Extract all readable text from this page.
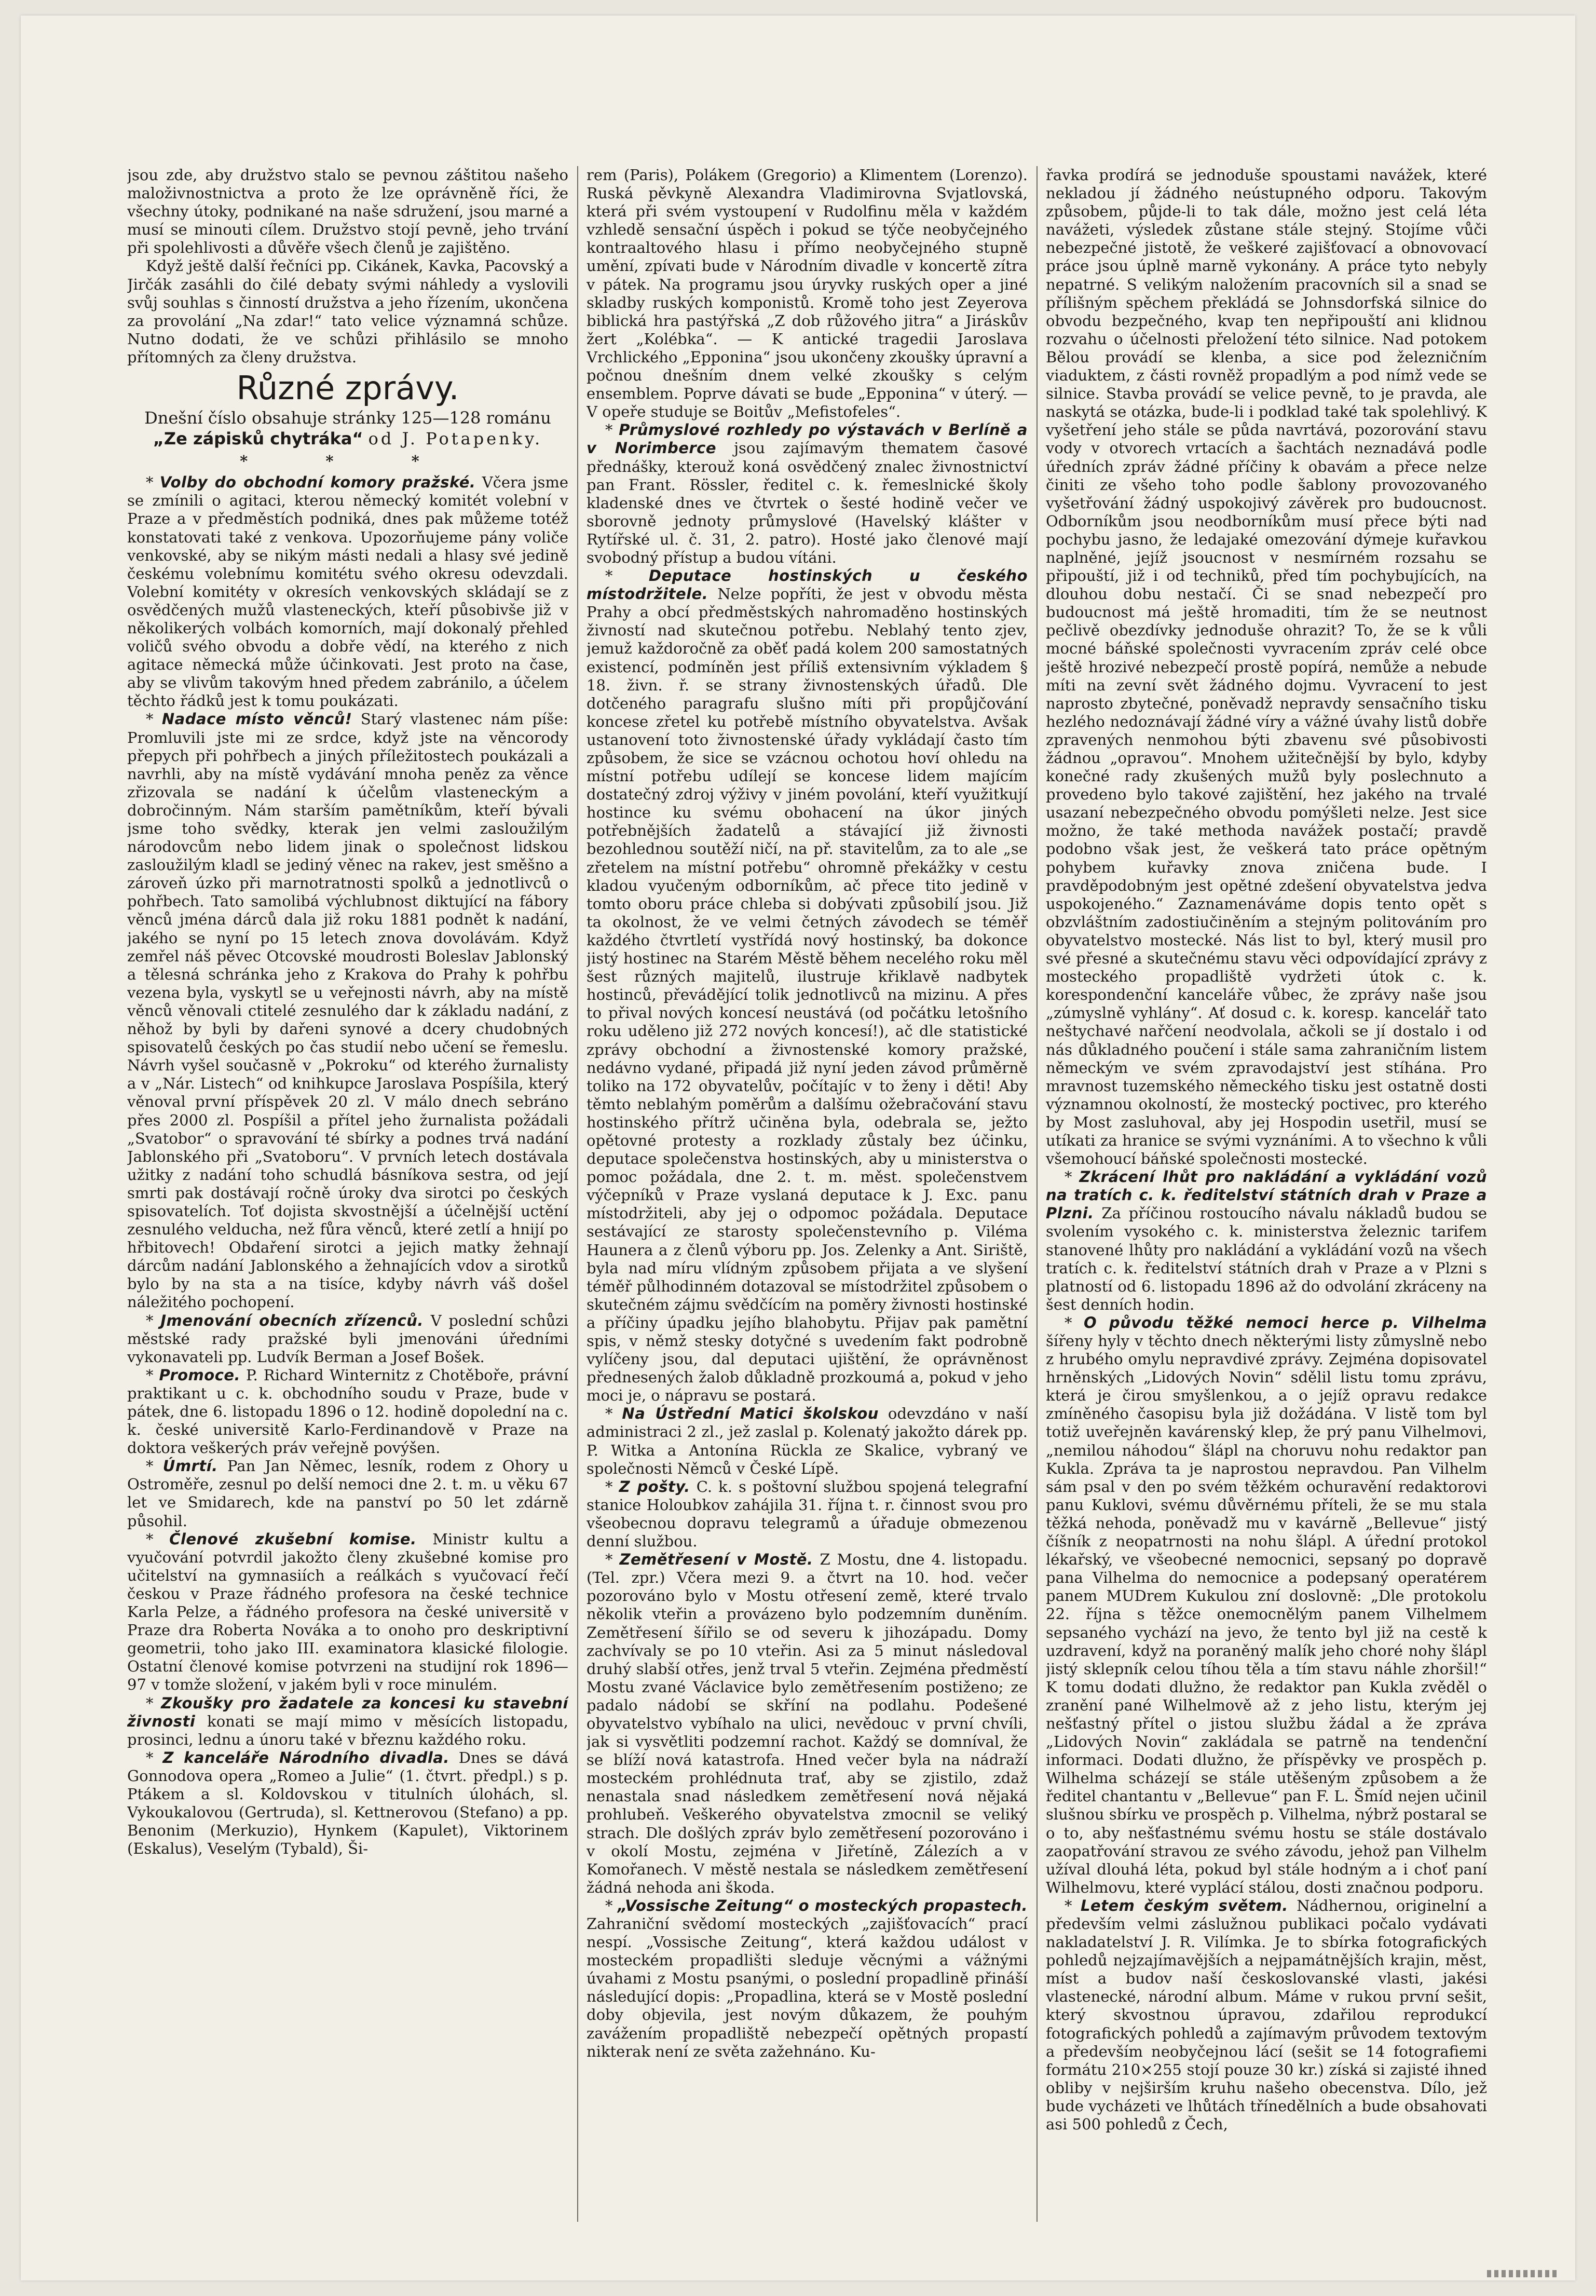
jsou zde, aby družstvo stalo se pevnou záštitou našeho maloživnostnictva a proto že lze oprávněně říci, že všechny útoky, podnikané na naše sdružení, jsou marné a musí se minouti cílem. Družstvo stojí pevně, jeho trvání při spolehlivosti a důvěře všech členů je zajištěno.

Když ještě další řečníci pp. Cikánek, Kavka, Pacovský a Jirčák zasáhli do čilé debaty svými náhledy a vyslovili svůj souhlas s činností družstva a jeho řízením, ukončena za provolání „Na zdar!“ tato velice významná schůze. Nutno dodati, že ve schůzi přihlásilo se mnoho přítomných za členy družstva.

Různé zprávy.

Dnešní číslo obsahuje stránky 125—128 románu „Ze zápisků chytráka“ od J. Potapenky.

* * *

* Volby do obchodní komory pražské. Včera jsme se zmínili o agitaci, kterou německý komitét volební v Praze a v předměstích podniká, dnes pak můžeme totéž konstatovati také z venkova. Upozorňujeme pány voliče venkovské, aby se nikým másti nedali a hlasy své jedině českému volebnímu komitétu svého okresu odevzdali. Volební komitéty v okresích venkovských skládají se z osvědčených mužů vlasteneckých, kteří působivše již v několikerých volbách komorních, mají dokonalý přehled voličů svého obvodu a dobře vědí, na kterého z nich agitace německá může účinkovati. Jest proto na čase, aby se vlivům takovým hned předem zabránilo, a účelem těchto řádků jest k tomu poukázati.

* Nadace místo věnců! Starý vlastenec nám píše: Promluvili jste mi ze srdce, když jste na věncorody přepych při pohřbech a jiných příležitostech poukázali a navrhli, aby na místě vydávání mnoha peněz za věnce zřizovala se nadání k účelům vlasteneckým a dobročinným. Nám starším pamětníkům, kteří bývali jsme toho svědky, kterak jen velmi zasloužilým národovcům nebo lidem jinak o společnost lidskou zasloužilým kladl se jediný věnec na rakev, jest směšno a zároveň úzko při marnotratnosti spolků a jednotlivců o pohřbech. Tato samolibá výchlubnost diktující na fábory věnců jména dárců dala již roku 1881 podnět k nadání, jakého se nyní po 15 letech znova dovolávám. Když zemřel náš pěvec Otcovské moudrosti Boleslav Jablonský a tělesná schránka jeho z Krakova do Prahy k pohřbu vezena byla, vyskytl se u veřejnosti návrh, aby na místě věnců věnovali ctitelé zesnulého dar k základu nadání, z něhož by byli by dařeni synové a dcery chudobných spisovatelů českých po čas studií nebo učení se řemeslu. Návrh vyšel současně v „Pokroku“ od kterého žurnalisty a v „Nár. Listech“ od knihkupce Jaroslava Pospíšila, který věnoval první příspěvek 20 zl. V málo dnech sebráno přes 2000 zl. Pospíšil a přítel jeho žurnalista požádali „Svatobor“ o spravování té sbírky a podnes trvá nadání Jablonského při „Svatoboru“. V prvních letech dostávala užitky z nadání toho schudlá básníkova sestra, od její smrti pak dostávají ročně úroky dva sirotci po českých spisovatelích. Toť dojista skvostnější a účelnější uctění zesnulého velducha, než fůra věnců, které zetlí a hnijí po hřbitovech! Obdaření sirotci a jejich matky žehnají dárcům nadání Jablonského a žehnajících vdov a sirotků bylo by na sta a na tisíce, kdyby návrh váš došel náležitého pochopení.

* Jmenování obecních zřízenců. V poslední schůzi městské rady pražské byli jmenováni úředními vykonavateli pp. Ludvík Berman a Josef Bošek.

* Promoce. P. Richard Winternitz z Chotěboře, právní praktikant u c. k. obchodního soudu v Praze, bude v pátek, dne 6. listopadu 1896 o 12. hodině dopolední na c. k. české universitě Karlo-Ferdinandově v Praze na doktora veškerých práv veřejně povýšen.

* Úmrtí. Pan Jan Němec, lesník, rodem z Ohory u Ostroměře, zesnul po delší nemoci dne 2. t. m. u věku 67 let ve Smidarech, kde na panství po 50 let zdárně půsohil.

* Členové zkušební komise. Ministr kultu a vyučování potvrdil jakožto členy zkušebné komise pro učitelství na gymnasiích a reálkách s vyučovací řečí českou v Praze řádného profesora na české technice Karla Pelze, a řádného profesora na české universitě v Praze dra Roberta Nováka a to onoho pro deskriptivní geometrii, toho jako III. examinatora klasické filologie. Ostatní členové komise potvrzeni na studijní rok 1896—97 v tomže složení, v jakém byli v roce minulém.

* Zkoušky pro žadatele za koncesi ku stavební živnosti konati se mají mimo v měsících listopadu, prosinci, lednu a únoru také v březnu každého roku.

* Z kanceláře Národního divadla. Dnes se dává Gonnodova opera „Romeo a Julie“ (1. čtvrt. předpl.) s p. Ptákem a sl. Koldovskou v titulních úlohách, sl. Vykoukalovou (Gertruda), sl. Kettnerovou (Stefano) a pp. Benonim (Merkuzio), Hynkem (Kapulet), Viktorinem (Eskalus), Veselým (Tybald), Ši-

rem (Paris), Polákem (Gregorio) a Klimentem (Lorenzo). Ruská pěvkyně Alexandra Vladimirovna Svjatlovská, která při svém vystoupení v Rudolfinu měla v každém vzhledě sensační úspěch i pokud se týče neobyčejného kontraaltového hlasu i přímo neobyčejného stupně umění, zpívati bude v Národním divadle v koncertě zítra v pátek. Na programu jsou úryvky ruských oper a jiné skladby ruských komponistů. Kromě toho jest Zeyerova biblická hra pastýřská „Z dob růžového jitra“ a Jiráskův žert „Kolébka“. — K antické tragedii Jaroslava Vrchlického „Epponina“ jsou ukončeny zkoušky úpravní a počnou dnešním dnem velké zkoušky s celým ensemblem. Poprve dávati se bude „Epponina“ v úterý. — V opeře studuje se Boitův „Mefistofeles“.

* Průmyslové rozhledy po výstavách v Berlíně a v Norimberce jsou zajímavým thematem časové přednášky, kterouž koná osvědčený znalec živnostnictví pan Frant. Rössler, ředitel c. k. řemeslnické školy kladenské dnes ve čtvrtek o šesté hodině večer ve sborovně jednoty průmyslové (Havelský klášter v Rytířské ul. č. 31, 2. patro). Hosté jako členové mají svobodný přístup a budou vítáni.

* Deputace hostinských u českého místodržitele. Nelze popříti, že jest v obvodu města Prahy a obcí předměstských nahromaděno hostinských živností nad skutečnou potřebu. Neblahý tento zjev, jemuž každoročně za oběť padá kolem 200 samostatných existencí, podmíněn jest příliš extensivním výkladem § 18. živn. ř. se strany živnostenských úřadů. Dle dotčeného paragrafu slušno míti při propůjčování koncese zřetel ku potřebě místního obyvatelstva. Avšak ustanovení toto živnostenské úřady vykládají často tím způsobem, že sice se vzácnou ochotou hoví ohledu na místní potřebu udílejí se koncese lidem majícím dostatečný zdroj výživy v jiném povolání, kteří využitkují hostince ku svému obohacení na úkor jiných potřebnějších žadatelů a stávající již živnosti bezohlednou soutěží ničí, na př. stavitelům, za to ale „se zřetelem na místní potřebu“ ohromně překážky v cestu kladou vyučeným odborníkům, ač přece tito jedině v tomto oboru práce chleba si dobývati způsobilí jsou. Již ta okolnost, že ve velmi četných závodech se téměř každého čtvrtletí vystřídá nový hostinský, ba dokonce jistý hostinec na Starém Městě během necelého roku měl šest různých majitelů, ilustruje křiklavě nadbytek hostinců, převádějící tolik jednotlivců na mizinu. A přes to přival nových koncesí neustává (od počátku letošního roku uděleno již 272 nových koncesí!), ač dle statistické zprávy obchodní a živnostenské komory pražské, nedávno vydané, připadá již nyní jeden závod průměrně toliko na 172 obyvatelův, počítajíc v to ženy i děti! Aby těmto neblahým poměrům a dalšímu ožebračování stavu hostinského přítrž učiněna byla, odebrala se, ježto opětovné protesty a rozklady zůstaly bez účinku, deputace společenstva hostinských, aby u ministerstva o pomoc požádala, dne 2. t. m. měst. společenstvem výčepníků v Praze vyslaná deputace k J. Exc. panu místodržiteli, aby jej o odpomoc požádala. Deputace sestávající ze starosty společenstevního p. Viléma Haunera a z členů výboru pp. Jos. Zelenky a Ant. Siriště, byla nad míru vlídným způsobem přijata a ve slyšení téměř půlhodinném dotazoval se místodržitel způsobem o skutečném zájmu svědčícím na poměry živnosti hostinské a příčiny úpadku jejího blahobytu. Přijav pak pamětní spis, v němž stesky dotyčné s uvedením fakt podrobně vylíčeny jsou, dal deputaci ujištění, že oprávněnost přednesených žalob důkladně prozkoumá a, pokud v jeho moci je, o nápravu se postará.

* Na Ústřední Matici školskou odevzdáno v naší administraci 2 zl., jež zaslal p. Kolenatý jakožto dárek pp. P. Witka a Antonína Rückla ze Skalice, vybraný ve společnosti Němců v České Lípě.

* Z pošty. C. k. s poštovní službou spojená telegrafní stanice Holoubkov zahájila 31. října t. r. činnost svou pro všeobecnou dopravu telegramů a úřaduje obmezenou denní službou.

* Zemětřesení v Mostě. Z Mostu, dne 4. listopadu. (Tel. zpr.) Včera mezi 9. a čtvrt na 10. hod. večer pozorováno bylo v Mostu otřesení země, které trvalo několik vteřin a provázeno bylo podzemním duněním. Zemětřesení šířilo se od severu k jihozápadu. Domy zachvívaly se po 10 vteřin. Asi za 5 minut následoval druhý slabší otřes, jenž trval 5 vteřin. Zejména předměstí Mostu zvané Václavice bylo zemětřesením postiženo; ze padalo nádobí se skříní na podlahu. Podešené obyvatelstvo vybíhalo na ulici, nevědouc v první chvíli, jak si vysvětliti podzemní rachot. Každý se domníval, že se blíží nová katastrofa. Hned večer byla na nádraží mosteckém prohlédnuta trať, aby se zjistilo, zdaž nenastala snad následkem zemětřesení nová nějaká prohlubeň. Veškerého obyvatelstva zmocnil se veliký strach. Dle došlých zpráv bylo zemětřesení pozorováno i v okolí Mostu, zejména v Jiřetíně, Zálezích a v Komořanech. V městě nestala se následkem zemětřesení žádná nehoda ani škoda.

* „Vossische Zeitung“ o mosteckých propastech. Zahraniční svědomí mosteckých „zajišťovacích“ prací nespí. „Vossische Zeitung“, která každou událost v mosteckém propadlišti sleduje věcnými a vážnými úvahami z Mostu psanými, o poslední propadlině přináší následující dopis: „Propadlina, která se v Mostě poslední doby objevila, jest novým důkazem, že pouhým zavážením propadliště nebezpečí opětných propastí nikterak není ze světa zažehnáno. Ku-

řavka prodírá se jednoduše spoustami navážek, které nekladou jí žádného neústupného odporu. Takovým způsobem, půjde-li to tak dále, možno jest celá léta navážeti, výsledek zůstane stále stejný. Stojíme vůči nebezpečné jistotě, že veškeré zajišťovací a obnovovací práce jsou úplně marně vykonány. A práce tyto nebyly nepatrné. S velikým naložením pracovních sil a snad se přílišným spěchem překládá se Johnsdorfská silnice do obvodu bezpečného, kvap ten nepřipouští ani klidnou rozvahu o účelnosti přeložení této silnice. Nad potokem Bělou provádí se klenba, a sice pod železničním viaduktem, z části rovněž propadlým a pod nímž vede se silnice. Stavba provádí se velice pevně, to je pravda, ale naskytá se otázka, bude-li i podklad také tak spolehlivý. K vyšetření jeho stále se půda navrtává, pozorování stavu vody v otvorech vrtacích a šachtách neznadává podle úředních zpráv žádné příčiny k obavám a přece nelze činiti ze všeho toho podle šablony provozovaného vyšetřování žádný uspokojivý závěrek pro budoucnost. Odborníkům jsou neodborníkům musí přece býti nad pochybu jasno, že ledajaké omezování dýmeje kuřavkou naplněné, jejíž jsoucnost v nesmírném rozsahu se připouští, již i od techniků, před tím pochybujících, na dlouhou dobu nestačí. Či se snad nebezpečí pro budoucnost má ještě hromaditi, tím že se neutnost pečlivě obezdívky jednoduše ohrazit? To, že se k vůli mocné báňské společnosti vyvracením zpráv celé obce ještě hrozivé nebezpečí prostě popírá, nemůže a nebude míti na zevní svět žádného dojmu. Vyvracení to jest naprosto zbytečné, poněvadž nepravdy sensačního tisku hezlého nedoznávají žádné víry a vážné úvahy listů dobře zpravených nenmohou býti zbavenu své působivosti žádnou „opravou“. Mnohem užitečnější by bylo, kdyby konečné rady zkušených mužů byly poslechnuto a provedeno bylo takové zajištění, hez jakého na trvalé usazaní nebezpečného obvodu pomýšleti nelze. Jest sice možno, že také methoda navážek postačí; pravdě podobno však jest, že veškerá tato práce opětným pohybem kuřavky znova zničena bude. I pravděpodobným jest opětné zdešení obyvatelstva jedva uspokojeného.“ Zaznamenáváme dopis tento opět s obzvláštním zadostiučiněním a stejným politováním pro obyvatelstvo mostecké. Nás list to byl, který musil pro své přesné a skutečnému stavu věci odpovídající zprávy z mosteckého propadliště vydržeti útok c. k. korespondenční kanceláře vůbec, že zprávy naše jsou „zúmyslně vyhlány“. Ať dosud c. k. koresp. kancelář tato neštychavé nařčení neodvolala, ačkoli se jí dostalo i od nás důkladného poučení i stále sama zahraničním listem německým ve svém zpravodajství jest stíhána. Pro mravnost tuzemského německého tisku jest ostatně dosti významnou okolností, že mostecký poctivec, pro kterého by Most zasluhoval, aby jej Hospodin usetřil, musí se utíkati za hranice se svými vyznáními. A to všechno k vůli všemohoucí báňské společnosti mostecké.

* Zkrácení lhůt pro nakládání a vykládání vozů na tratích c. k. ředitelství státních drah v Praze a Plzni. Za příčinou rostoucího návalu nákladů budou se svolením vysokého c. k. ministerstva železnic tarifem stanovené lhůty pro nakládání a vykládání vozů na všech tratích c. k. ředitelství státních drah v Praze a v Plzni s platností od 6. listopadu 1896 až do odvolání zkráceny na šest denních hodin.

* O původu těžké nemoci herce p. Vilhelma šířeny hyly v těchto dnech některými listy zůmyslně nebo z hrubého omylu nepravdivé zprávy. Zejména dopisovatel hrněnských „Lidových Novin“ sdělil listu tomu zprávu, která je čirou smyšlenkou, a o jejíž opravu redakce zmíněného časopisu byla již dožádána. V listě tom byl totiž uveřejněn kavárenský klep, že prý panu Vilhelmovi, „nemilou náhodou“ šlápl na choruvu nohu redaktor pan Kukla. Zpráva ta je naprostou nepravdou. Pan Vilhelm sám psal v den po svém těžkém ochuravění redaktorovi panu Kuklovi, svému důvěrnému příteli, že se mu stala těžká nehoda, poněvadž mu v kavárně „Bellevue“ jistý číšník z neopatrnosti na nohu šlápl. A úřední protokol lékařský, ve všeobecné nemocnici, sepsaný po dopravě pana Vilhelma do nemocnice a podepsaný operatérem panem MUDrem Kukulou zní doslovně: „Dle protokolu 22. října s těžce onemocnělým panem Vilhelmem sepsaného vychází na jevo, že tento byl již na cestě k uzdravení, když na poraněný malík jeho choré nohy šlápl jistý sklepník celou tíhou těla a tím stavu náhle zhoršil!“ K tomu dodati dlužno, že redaktor pan Kukla zvěděl o zranění pané Wilhelmově až z jeho listu, kterým jej nešťastný přítel o jistou službu žádal a že zpráva „Lidových Novin“ zakládala se patrně na tendenční informaci. Dodati dlužno, že příspěvky ve prospěch p. Wilhelma scházejí se stále utěšeným způsobem a že ředitel chantantu v „Bellevue“ pan F. L. Šmíd nejen učinil slušnou sbírku ve prospěch p. Vilhelma, nýbrž postaral se o to, aby nešťastnému svému hostu se stále dostávalo zaopatřování stravou ze svého závodu, jehož pan Vilhelm užíval dlouhá léta, pokud byl stále hodným a i choť paní Wilhelmovu, které vyplácí stálou, dosti značnou podporu.

* Letem českým světem. Nádhernou, originelní a především velmi záslužnou publikaci počalo vydávati nakladatelství J. R. Vilímka. Je to sbírka fotografických pohledů nejzajímavějších a nejpamátnějších krajin, měst, míst a budov naší českoslovanské vlasti, jakési vlastenecké, národní album. Máme v rukou první sešit, který skvostnou úpravou, zdařilou reprodukcí fotografických pohledů a zajímavým průvodem textovým a především neobyčejnou lácí (sešit se 14 fotografiemi formátu 210×255 stojí pouze 30 kr.) získá si zajisté ihned obliby v nejširším kruhu našeho obecenstva. Dílo, jež bude vycházeti ve lhůtách třínedělních a bude obsahovati asi 500 pohledů z Čech,
